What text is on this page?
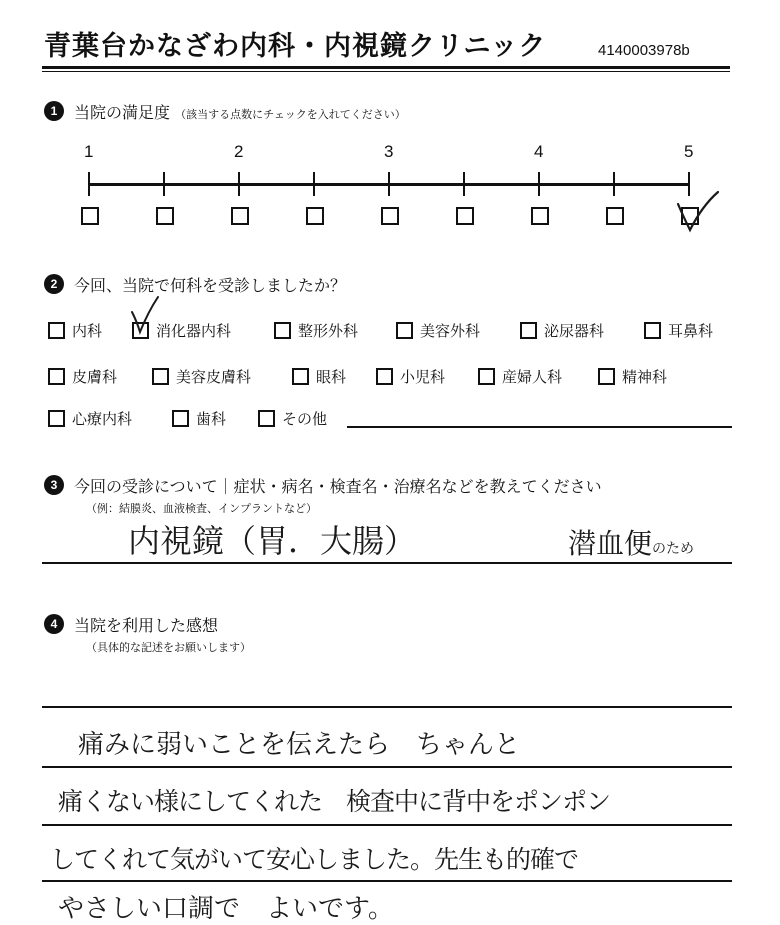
青葉台かなざわ内科・内視鏡クリニック	4140003978b
1	当院の満足度 （該当する点数にチェックを入れてください）
1	2	3	4	5
2	今回、当院で何科を受診しましたか？
内科	消化器内科	整形外科	美容外科	泌尿器科	耳鼻科
皮膚科	美容皮膚科	眼科	小児科	産婦人科	精神科
心療内科	歯科	その他
3	今回の受診について｜症状・病名・検査名・治療名などを教えてください
（例：結膜炎、血液検査、インプラントなど）
内視鏡（胃．大腸）	潜血便のため
4	当院を利用した感想
（具体的な記述をお願いします）
痛みに弱いことを伝えたら　ちゃんと
痛くない様にしてくれた　検査中に背中をポンポン
してくれて気がいて安心しました。先生も的確で
やさしい口調で　よいです。
